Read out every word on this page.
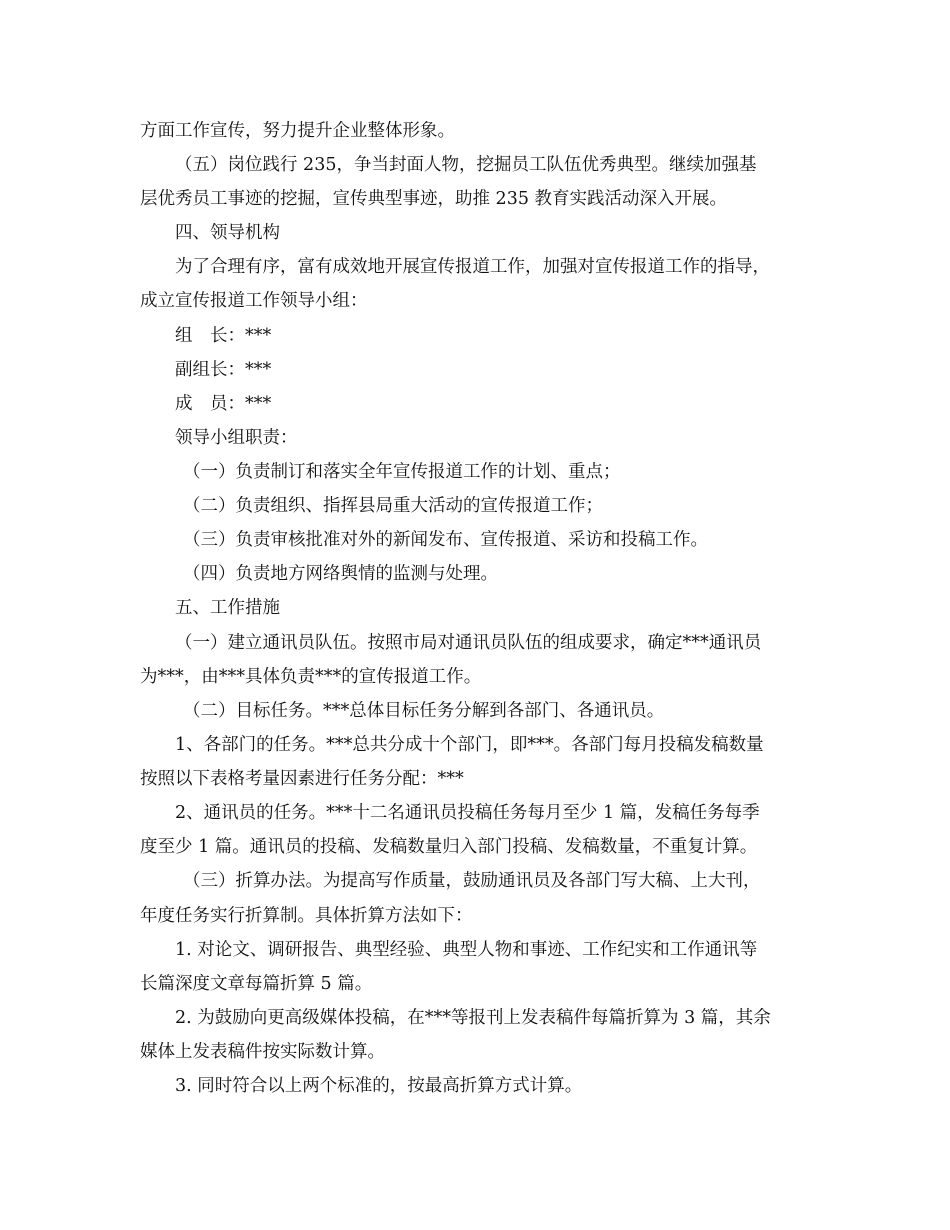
方面工作宣传，努力提升企业整体形象。
（五）岗位践行 235，争当封面人物，挖掘员工队伍优秀典型。继续加强基
层优秀员工事迹的挖掘，宣传典型事迹，助推 235 教育实践活动深入开展。
四、领导机构
为了合理有序，富有成效地开展宣传报道工作，加强对宣传报道工作的指导，
成立宣传报道工作领导小组：
组　长：***
副组长：***
成　员：***
领导小组职责：
（一）负责制订和落实全年宣传报道工作的计划、重点；
（二）负责组织、指挥县局重大活动的宣传报道工作；
（三）负责审核批准对外的新闻发布、宣传报道、采访和投稿工作。
（四）负责地方网络舆情的监测与处理。
五、工作措施
（一）建立通讯员队伍。按照市局对通讯员队伍的组成要求，确定***通讯员
为***，由***具体负责***的宣传报道工作。
（二）目标任务。***总体目标任务分解到各部门、各通讯员。
1、各部门的任务。***总共分成十个部门，即***。各部门每月投稿发稿数量
按照以下表格考量因素进行任务分配：***
2、通讯员的任务。***十二名通讯员投稿任务每月至少 1 篇，发稿任务每季
度至少 1 篇。通讯员的投稿、发稿数量归入部门投稿、发稿数量，不重复计算。
（三）折算办法。为提高写作质量，鼓励通讯员及各部门写大稿、上大刊，
年度任务实行折算制。具体折算方法如下：
1. 对论文、调研报告、典型经验、典型人物和事迹、工作纪实和工作通讯等
长篇深度文章每篇折算 5 篇。
2. 为鼓励向更高级媒体投稿，在***等报刊上发表稿件每篇折算为 3 篇，其余
媒体上发表稿件按实际数计算。
3. 同时符合以上两个标准的，按最高折算方式计算。
